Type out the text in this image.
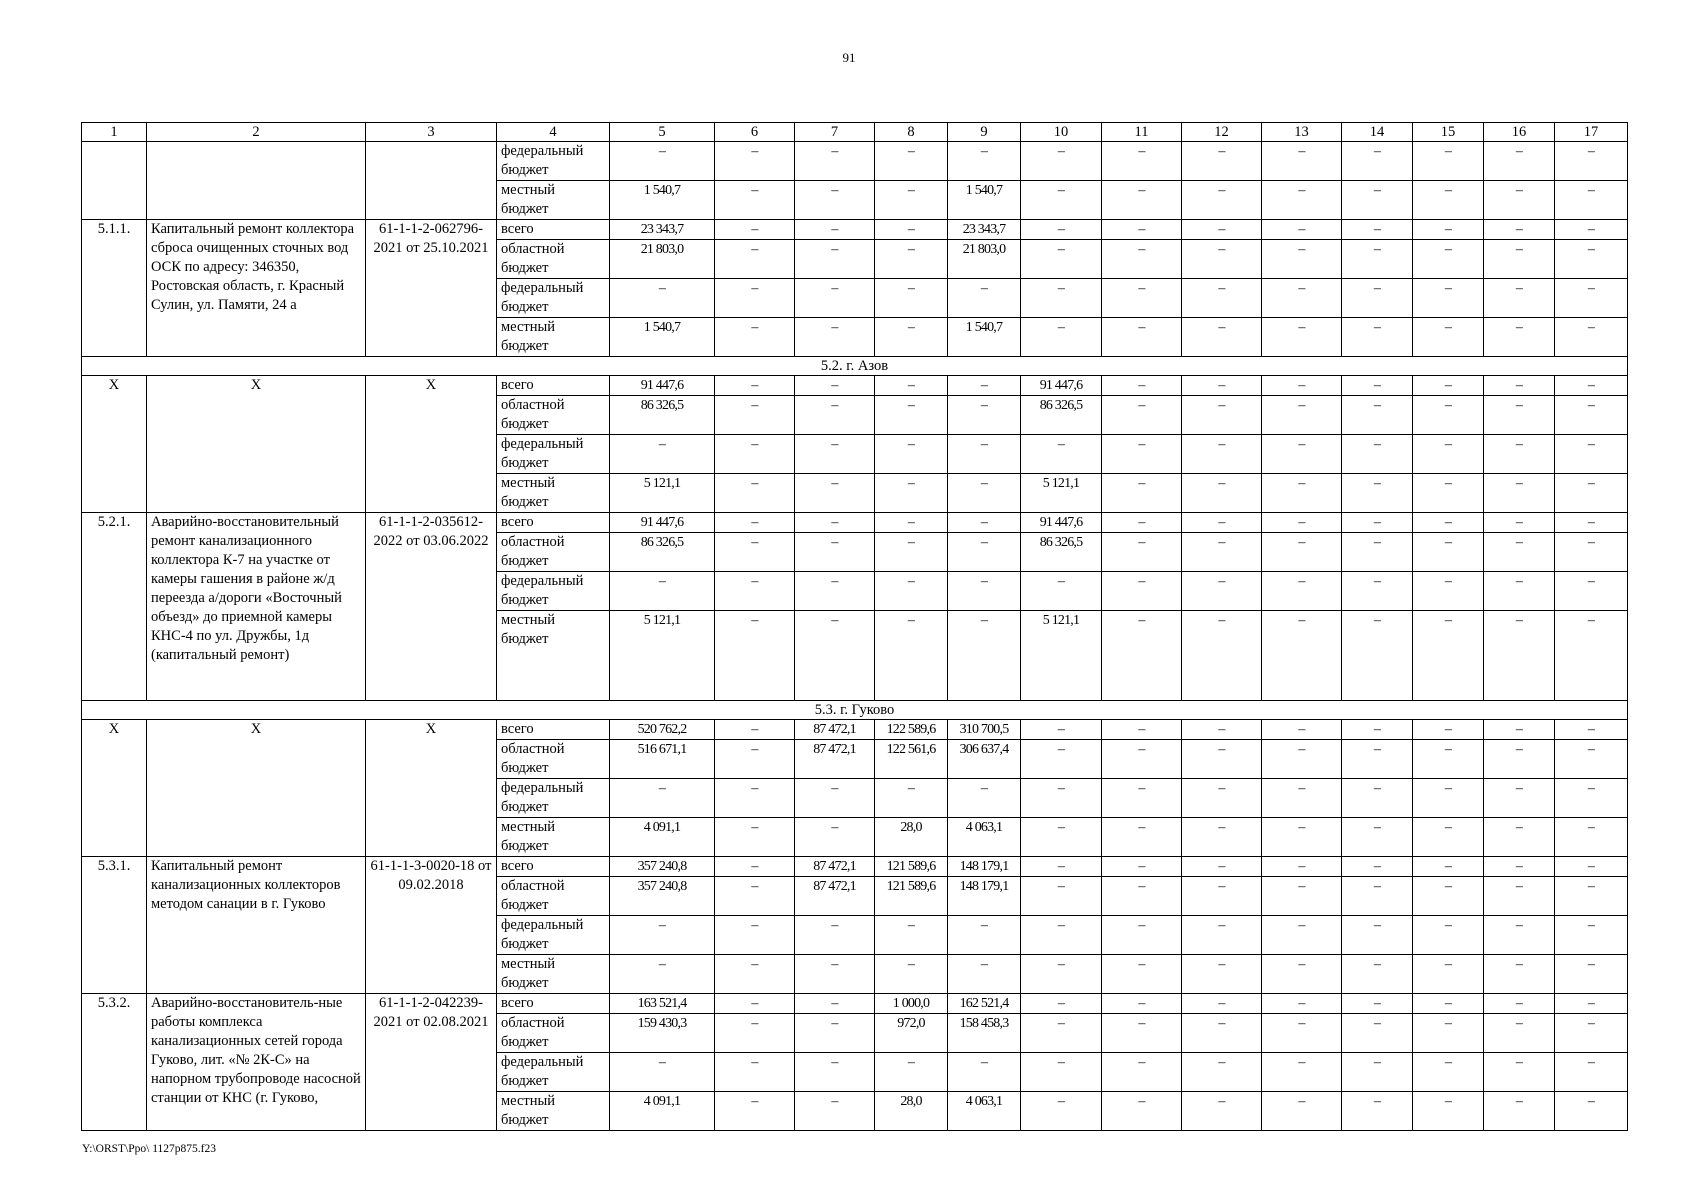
91
1	2	3	4	5	6	7	8	9	10	11	12	13	14	15	16	17
			федеральный бюджет	–	–	–	–	–	–	–	–	–	–	–	–	–
			местный бюджет	1 540,7	–	–	–	1 540,7	–	–	–	–	–	–	–	–
5.1.1.	Капитальный ремонт коллектора сброса очищенных сточных вод ОСК по адресу: 346350, Ростовская область, г. Красный Сулин, ул. Памяти, 24 а	61-1-1-2-062796-2021 от 25.10.2021	всего	23 343,7	–	–	–	23 343,7	–	–	–	–	–	–	–	–
			областной бюджет	21 803,0	–	–	–	21 803,0	–	–	–	–	–	–	–	–
			федеральный бюджет	–	–	–	–	–	–	–	–	–	–	–	–	–
			местный бюджет	1 540,7	–	–	–	1 540,7	–	–	–	–	–	–	–	–
5.2. г. Азов																
X	X	X	всего	91 447,6	–	–	–	–	91 447,6	–	–	–	–	–	–	–
			областной бюджет	86 326,5	–	–	–	–	86 326,5	–	–	–	–	–	–	–
			федеральный бюджет	–	–	–	–	–	–	–	–	–	–	–	–	–
			местный бюджет	5 121,1	–	–	–	–	5 121,1	–	–	–	–	–	–	–
5.2.1.	Аварийно-восстановительный ремонт канализационного коллектора К-7 на участке от камеры гашения в районе ж/д переезда а/дороги «Восточный объезд» до приемной камеры КНС-4 по ул. Дружбы, 1д (капитальный ремонт)	61-1-1-2-035612-2022 от 03.06.2022	всего	91 447,6	–	–	–	–	91 447,6	–	–	–	–	–	–	–
			областной бюджет	86 326,5	–	–	–	–	86 326,5	–	–	–	–	–	–	–
			федеральный бюджет	–	–	–	–	–	–	–	–	–	–	–	–	–
			местный бюджет	5 121,1	–	–	–	–	5 121,1	–	–	–	–	–	–	–
5.3. г. Гуково																
X	X	X	всего	520 762,2	–	87 472,1	122 589,6	310 700,5	–	–	–	–	–	–	–	–
			областной бюджет	516 671,1	–	87 472,1	122 561,6	306 637,4	–	–	–	–	–	–	–	–
			федеральный бюджет	–	–	–	–	–	–	–	–	–	–	–	–	–
			местный бюджет	4 091,1	–	–	28,0	4 063,1	–	–	–	–	–	–	–	–
5.3.1.	Капитальный ремонт канализационных коллекторов методом санации в г. Гуково	61-1-1-3-0020-18 от 09.02.2018	всего	357 240,8	–	87 472,1	121 589,6	148 179,1	–	–	–	–	–	–	–	–
			областной бюджет	357 240,8	–	87 472,1	121 589,6	148 179,1	–	–	–	–	–	–	–	–
			федеральный бюджет	–	–	–	–	–	–	–	–	–	–	–	–	–
			местный бюджет	–	–	–	–	–	–	–	–	–	–	–	–	–
5.3.2.	Аварийно-восстановитель-ные работы комплекса канализационных сетей города Гуково, лит. «№ 2К-С» на напорном трубопроводе насосной станции от КНС (г. Гуково,	61-1-1-2-042239-2021 от 02.08.2021	всего	163 521,4	–	–	1 000,0	162 521,4	–	–	–	–	–	–	–	–
			областной бюджет	159 430,3	–	–	972,0	158 458,3	–	–	–	–	–	–	–	–
			федеральный бюджет	–	–	–	–	–	–	–	–	–	–	–	–	–
			местный бюджет	4 091,1	–	–	28,0	4 063,1	–	–	–	–	–	–	–	–
Y:\ORST\Ppo\ 1127p875.f23
